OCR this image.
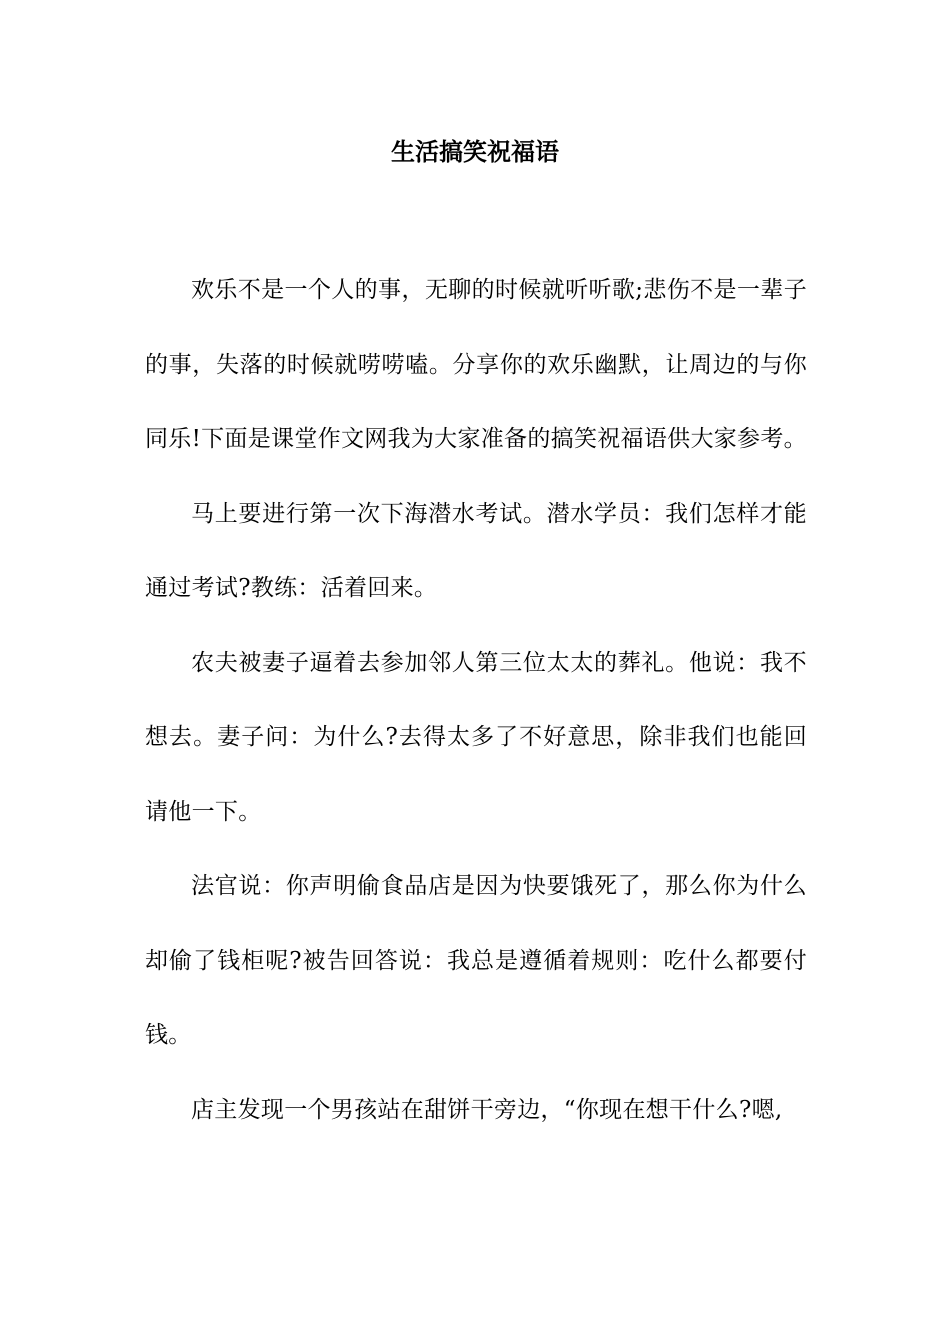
生活搞笑祝福语

欢乐不是一个人的事，无聊的时候就听听歌;悲伤不是一辈子的事，失落的时候就唠唠嗑。分享你的欢乐幽默，让周边的与你同乐!下面是课堂作文网我为大家准备的搞笑祝福语供大家参考。

马上要进行第一次下海潜水考试。潜水学员：我们怎样才能通过考试?教练：活着回来。

农夫被妻子逼着去参加邻人第三位太太的葬礼。他说：我不想去。妻子问：为什么?去得太多了不好意思，除非我们也能回请他一下。

法官说：你声明偷食品店是因为快要饿死了，那么你为什么却偷了钱柜呢?被告回答说：我总是遵循着规则：吃什么都要付钱。

店主发现一个男孩站在甜饼干旁边，“你现在想干什么?嗯,
